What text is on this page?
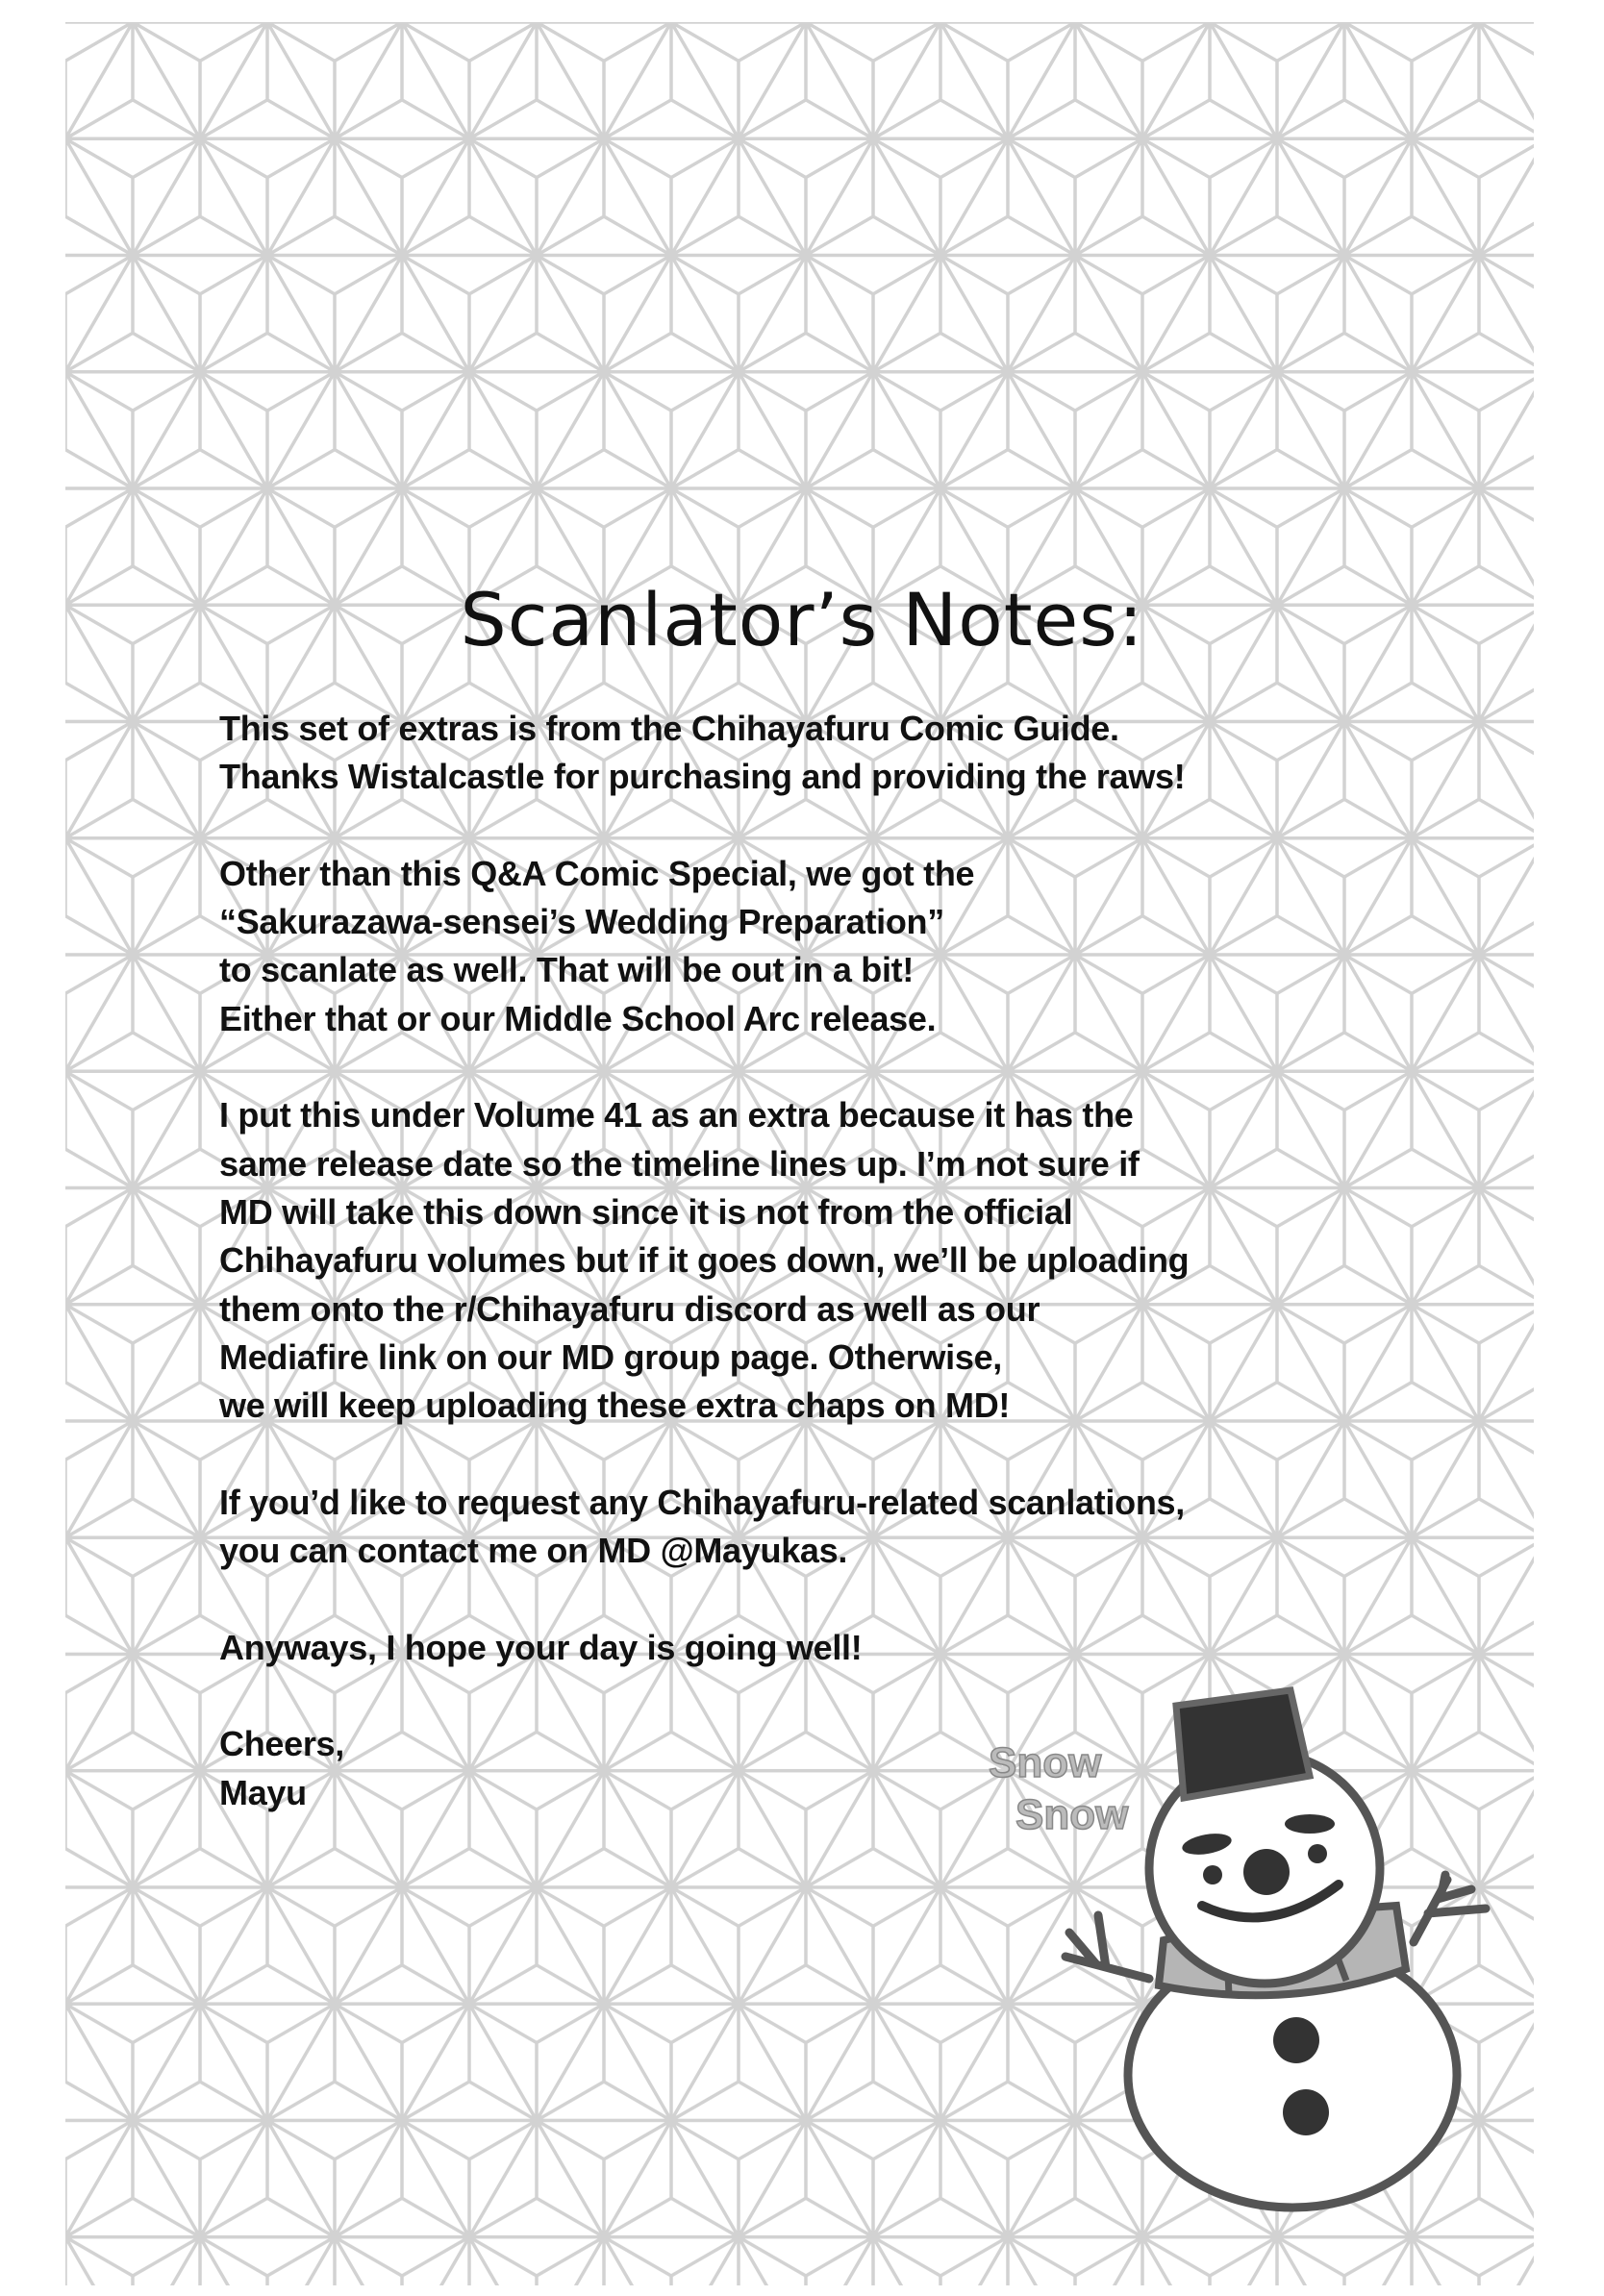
Scanlator’s Notes:
This set of extras is from the Chihayafuru Comic Guide.
Thanks Wistalcastle for purchasing and providing the raws!
Other than this Q&A Comic Special, we got the
“Sakurazawa-sensei’s Wedding Preparation”
to scanlate as well. That will be out in a bit!
Either that or our Middle School Arc release.
I put this under Volume 41 as an extra because it has the
same release date so the timeline lines up. I’m not sure if
MD will take this down since it is not from the official
Chihayafuru volumes but if it goes down, we’ll be uploading
them onto the r/Chihayafuru discord as well as our
Mediafire link on our MD group page. Otherwise,
we will keep uploading these extra chaps on MD!
If you’d like to request any Chihayafuru-related scanlations,
you can contact me on MD @Mayukas.
Anyways, I hope your day is going well!
Cheers,
Mayu
Snow
Snow
